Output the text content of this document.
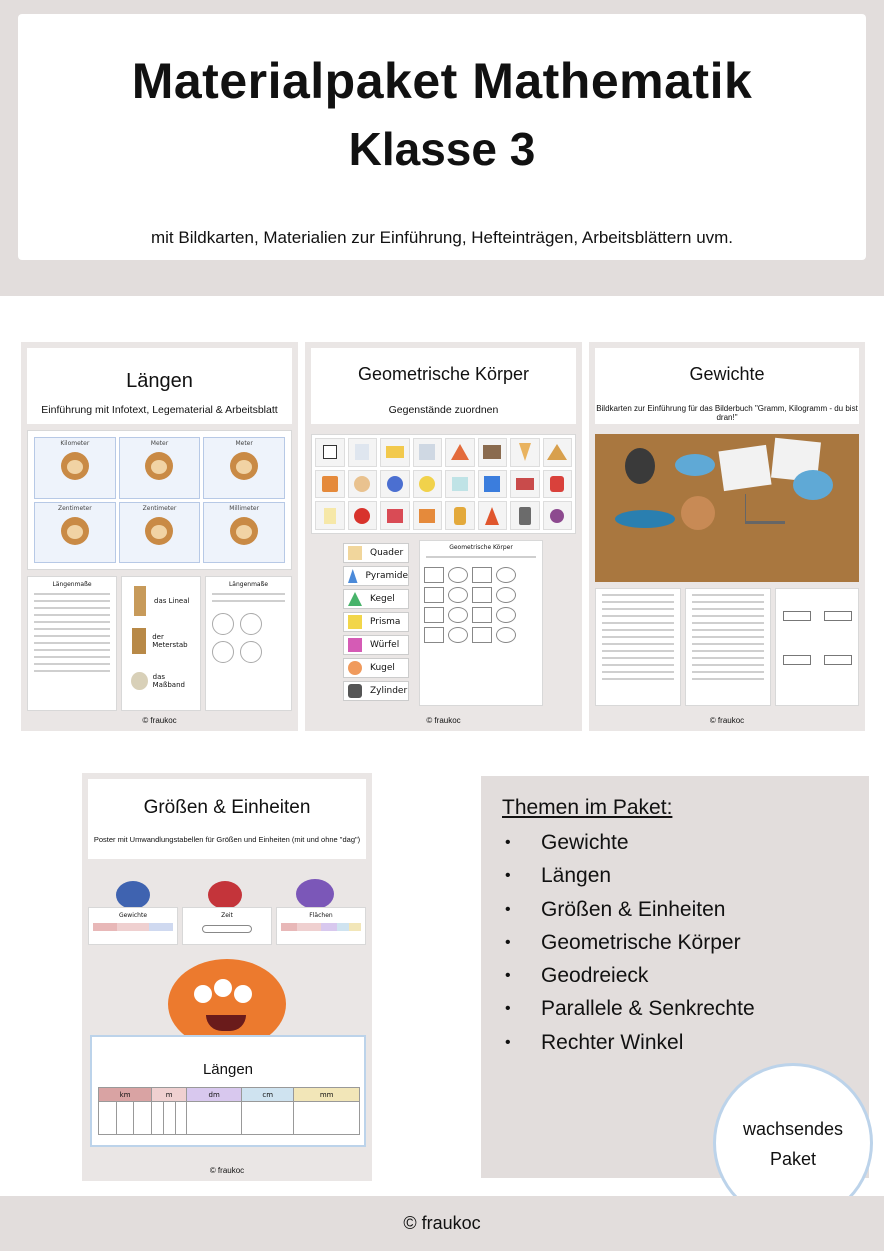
Materialpaket Mathematik
Klasse 3
mit Bildkarten, Materialien zur Einführung, Hefteinträgen, Arbeitsblättern uvm.
Längen
Einführung mit Infotext, Legematerial & Arbeitsblatt
Kilometer	Meter	Meter
Zentimeter	Zentimeter	Millimeter
Längenmaße
das Lineal
der Meterstab
das Maßband
Längenmaße
© fraukoc
Geometrische Körper
Gegenstände zuordnen
Quader
Pyramide
Kegel
Prisma
Würfel
Kugel
Zylinder
Geometrische Körper
© fraukoc
Gewichte
Bildkarten zur Einführung für das Bilderbuch "Gramm, Kilogramm - du bist dran!"
© fraukoc
Größen & Einheiten
Poster mit Umwandlungstabellen für Größen und Einheiten (mit und ohne "dag")
Gewichte	Zeit	Flächen
Längen
km			m			dm	cm	mm

© fraukoc
Themen im Paket:
•	Gewichte
•	Längen
•	Größen & Einheiten
•	Geometrische Körper
•	Geodreieck
•	Parallele & Senkrechte
•	Rechter Winkel
wachsendes
Paket
© fraukoc
